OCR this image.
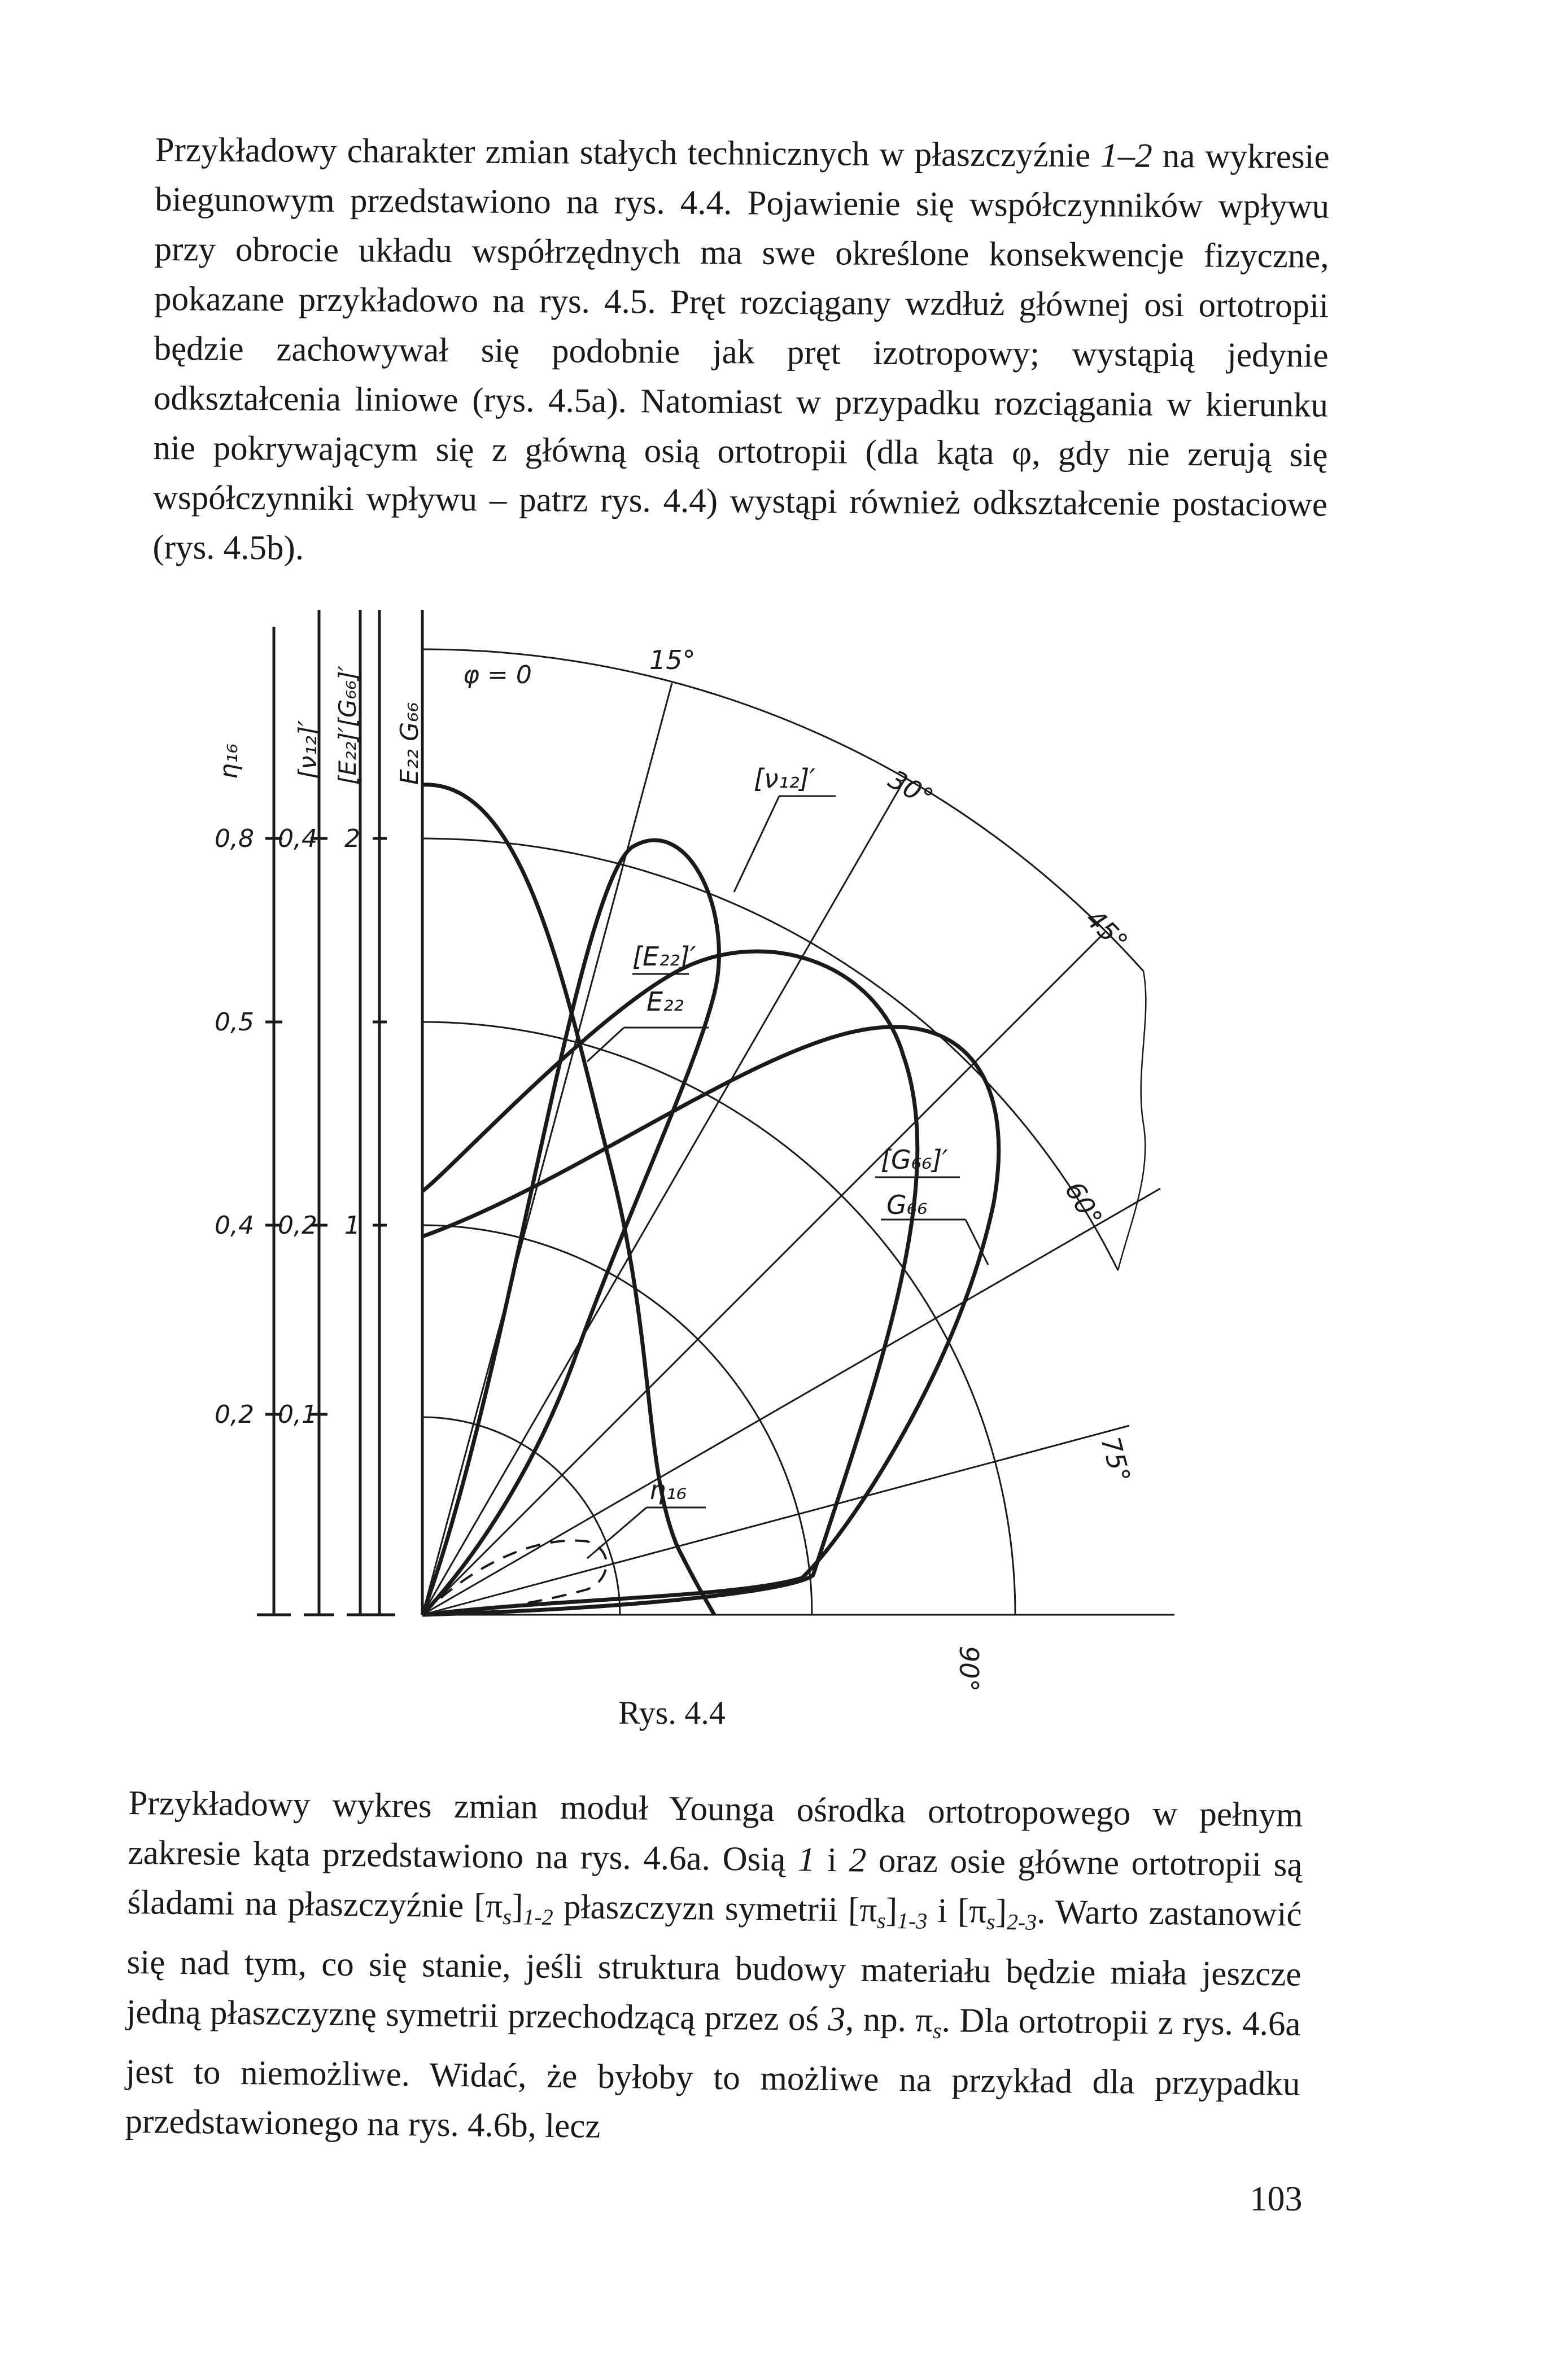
Przykładowy charakter zmian stałych technicznych w płaszczyźnie 1–2 na wykresie biegunowym przedstawiono na rys. 4.4. Pojawienie się współczynników wpływu przy obrocie układu współrzędnych ma swe określone konsekwencje fizyczne, pokazane przykładowo na rys. 4.5. Pręt rozciągany wzdłuż głównej osi ortotropii będzie zachowywał się podobnie jak pręt izotropowy; wystąpią jedynie odkształcenia liniowe (rys. 4.5a). Natomiast w przypadku rozciągania w kierunku nie pokrywającym się z główną osią ortotropii (dla kąta φ, gdy nie zerują się współczynniki wpływu – patrz rys. 4.4) wystąpi również odkształcenie postaciowe (rys. 4.5b).

η₁₆ [ν₁₂]′ [E₂₂]′[G₆₆]′ E₂₂ G₆₆
0,8
0,5
0,4
0,2
0,4
0,2
0,1
2
1
φ = 0	15°
30°
45°
60°
75°
90°
[ν₁₂]′
[E₂₂]′
E₂₂
[G₆₆]′
G₆₆
η₁₆
Rys. 4.4

Przykładowy wykres zmian moduł Younga ośrodka ortotropowego w pełnym zakresie kąta przedstawiono na rys. 4.6a. Osią 1 i 2 oraz osie główne ortotropii są śladami na płaszczyźnie $[\pi_s]_{1-2}$ płaszczyzn symetrii $[\pi_s]_{1-3}$ i $[\pi_s]_{2-3}$. Warto zastanowić się nad tym, co się stanie, jeśli struktura budowy materiału będzie miała jeszcze jedną płaszczyznę symetrii przechodzącą przez oś 3, np. $\pi_s$. Dla ortotropii z rys. 4.6a jest to niemożliwe. Widać, że byłoby to możliwe na przykład dla przypadku przedstawionego na rys. 4.6b, lecz

103
